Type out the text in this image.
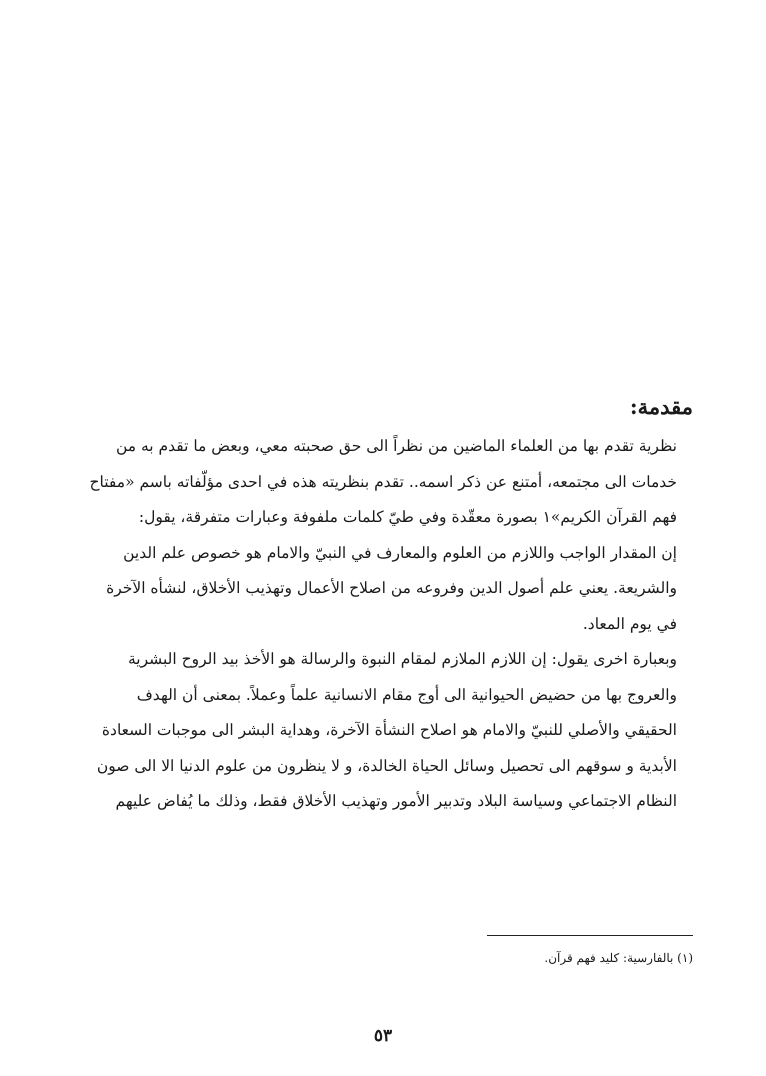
مقدمة:

نظرية تقدم بها من العلماء الماضين من نظراً الى حق صحبته معي، وبعض ما تقدم به من
خدمات الى مجتمعه، أمتنع عن ذكر اسمه.. تقدم بنظريته هذه في احدى مؤلّفاته باسم «مفتاح
فهم القرآن الكريم»١ بصورة معقّدة وفي طيّ كلمات ملفوفة وعبارات متفرقة، يقول:

إن المقدار الواجب واللازم من العلوم والمعارف في النبيّ والامام هو خصوص علم الدين
والشريعة. يعني علم أصول الدين وفروعه من اصلاح الأعمال وتهذيب الأخلاق، لنشأه الآخرة
في يوم المعاد.

وبعبارة اخرى يقول: إن اللازم الملازم لمقام النبوة والرسالة هو الأخذ بيد الروح البشرية
والعروج بها من حضيض الحيوانية الى أوج مقام الانسانية علماً وعملاً. بمعنى أن الهدف
الحقيقي والأصلي للنبيّ والامام هو اصلاح النشأة الآخرة، وهداية البشر الى موجبات السعادة
الأبدية و سوقهم الى تحصيل وسائل الحياة الخالدة، و لا ينظرون من علوم الدنيا الا الى صون
النظام الاجتماعي وسياسة البلاد وتدبير الأمور وتهذيب الأخلاق فقط، وذلك ما يُفاض عليهم

(١) بالفارسية: كليد فهم قرآن.
٥٣
